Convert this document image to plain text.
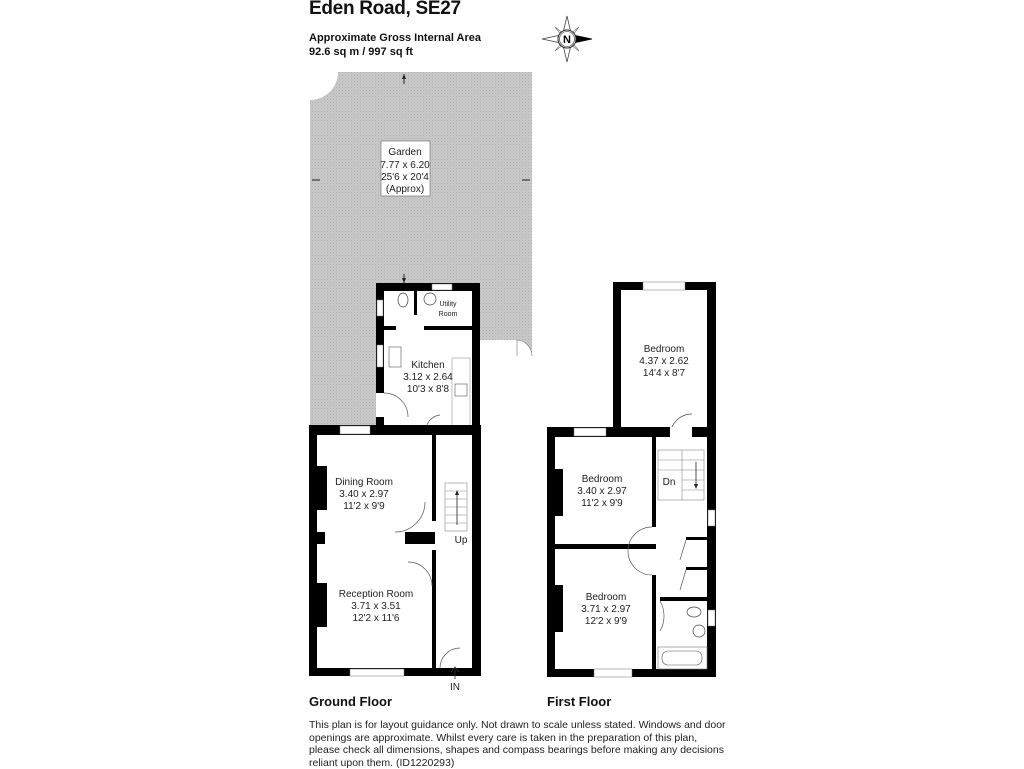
Eden Road, SE27
Approximate Gross Internal Area
92.6 sq m / 997 sq ft
N
Garden
7.77 x 6.20
25'6 x 20'4
(Approx)
Utility
Room
Kitchen
3.12 x 2.64
10'3 x 8'8
Up
Dining Room
3.40 x 2.97
11'2 x 9'9
Reception Room
3.71 x 3.51
12'2 x 11'6
IN
Dn
Bedroom
4.37 x 2.62
14'4 x 8'7
Bedroom
3.40 x 2.97
11'2 x 9'9
Bedroom
3.71 x 2.97
12'2 x 9'9
Ground Floor	First Floor
This plan is for layout guidance only. Not drawn to scale unless stated. Windows and door openings are approximate. Whilst every care is taken in the preparation of this plan, please check all dimensions, shapes and compass bearings before making any decisions reliant upon them. (ID1220293)
